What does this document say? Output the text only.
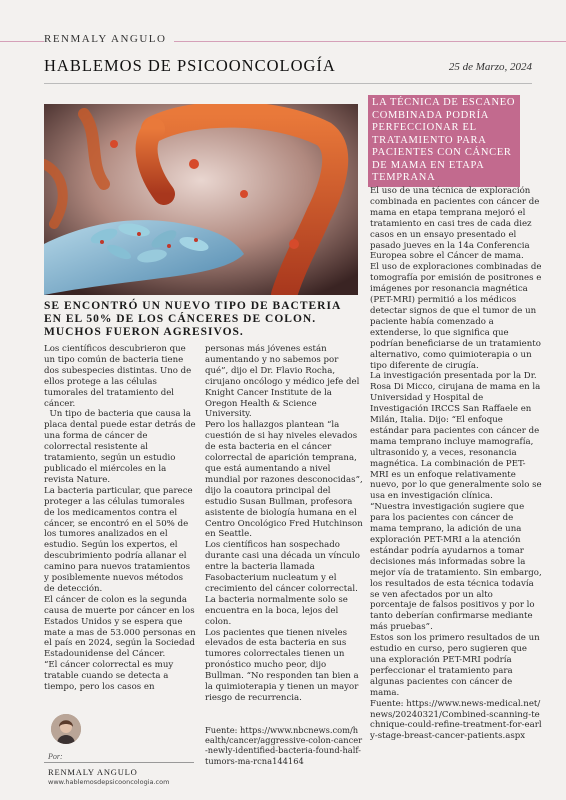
RENMALY ANGULO
HABLEMOS DE PSICOONCOLOGÍA	25 de Marzo, 2024
SE ENCONTRÓ UN NUEVO TIPO DE BACTERIA EN EL 50% DE LOS CÁNCERES DE COLON. MUCHOS FUERON AGRESIVOS.

Los científicos descubrieron que un tipo común de bacteria tiene dos subespecies distintas. Uno de ellos protege a las células tumorales del tratamiento del cáncer.

Un tipo de bacteria que causa la placa dental puede estar detrás de una forma de cáncer de colorrectal resistente al tratamiento, según un estudio publicado el miércoles en la revista Nature.

La bacteria particular, que parece proteger a las células tumorales de los medicamentos contra el cáncer, se encontró en el 50% de los tumores analizados en el estudio. Según los expertos, el descubrimiento podría allanar el camino para nuevos tratamientos y posiblemente nuevos métodos de detección.

El cáncer de colon es la segunda causa de muerte por cáncer en los Estados Unidos y se espera que mate a mas de 53.000 personas en el país en 2024, según la Sociedad Estadounidense del Cáncer.

“El cáncer colorrectal es muy tratable cuando se detecta a tiempo, pero los casos en

personas más jóvenes están aumentando y no sabemos por qué”, dijo el Dr. Flavio Rocha, cirujano oncólogo y médico jefe del Knight Cancer Institute de la Oregon Health & Science University.

Pero los hallazgos plantean “la cuestión de si hay niveles elevados de esta bacteria en el cáncer colorrectal de aparición temprana, que está aumentando a nivel mundial por razones desconocidas”, dijo la coautora principal del estudio Susan Bullman, profesora asistente de biología humana en el Centro Oncológico Fred Hutchinson en Seattle.

Los científicos han sospechado durante casi una década un vínculo entre la bacteria llamada Fasobacterium nucleatum y el crecimiento del cáncer colorrectal. La bacteria normalmente solo se encuentra en la boca, lejos del colon.

Los pacientes que tienen niveles elevados de esta bacteria en sus tumores colorrectales tienen un pronóstico mucho peor, dijo Bullman. “No responden tan bien a la quimioterapia y tienen un mayor riesgo de recurrencia.

Fuente: https://www.nbcnews.com/health/cancer/aggressive-colon-cancer-newly-identified-bacteria-found-half-tumors-ma-rcna144164
LA TÉCNICA DE ESCANEO COMBINADA PODRÍA PERFECCIONAR EL TRATAMIENTO PARA PACIENTES CON CÁNCER DE MAMA EN ETAPA TEMPRANA

El uso de una técnica de exploración combinada en pacientes con cáncer de mama en etapa temprana mejoró el tratamiento en casi tres de cada diez casos en un ensayo presentado el pasado jueves en la 14a Conferencia Europea sobre el Cáncer de mama.

El uso de exploraciones combinadas de tomografía por emisión de positrones e imágenes por resonancia magnética (PET-MRI) permitió a los médicos detectar signos de que el tumor de un paciente había comenzado a extenderse, lo que significa que podrían beneficiarse de un tratamiento alternativo, como quimioterapia o un tipo diferente de cirugía.

La investigación presentada por la Dr. Rosa Di Micco, cirujana de mama en la Universidad y Hospital de Investigación IRCCS San Raffaele en Milán, Italia. Dijo: “El enfoque estándar para pacientes con cáncer de mama temprano incluye mamografía, ultrasonido y, a veces, resonancia magnética. La combinación de PET-MRI es un enfoque relativamente nuevo, por lo que generalmente solo se usa en investigación clínica.

“Nuestra investigación sugiere que para los pacientes con cáncer de mama temprano, la adición de una exploración PET-MRI a la atención estándar podría ayudarnos a tomar decisiones más informadas sobre la mejor vía de tratamiento. Sin embargo, los resultados de esta técnica todavía se ven afectados por un alto porcentaje de falsos positivos y por lo tanto deberían confirmarse mediante más pruebas”.

Estos son los primero resultados de un estudio en curso, pero sugieren que una exploración PET-MRI podría perfeccionar el tratamiento para algunas pacientes con cáncer de mama.

Fuente: https://www.news-medical.net/news/20240321/Combined-scanning-technique-could-refine-treatment-for-early-stage-breast-cancer-patients.aspx

Por:
RENMALY ANGULO
www.hablemosdepsicooncologia.com
